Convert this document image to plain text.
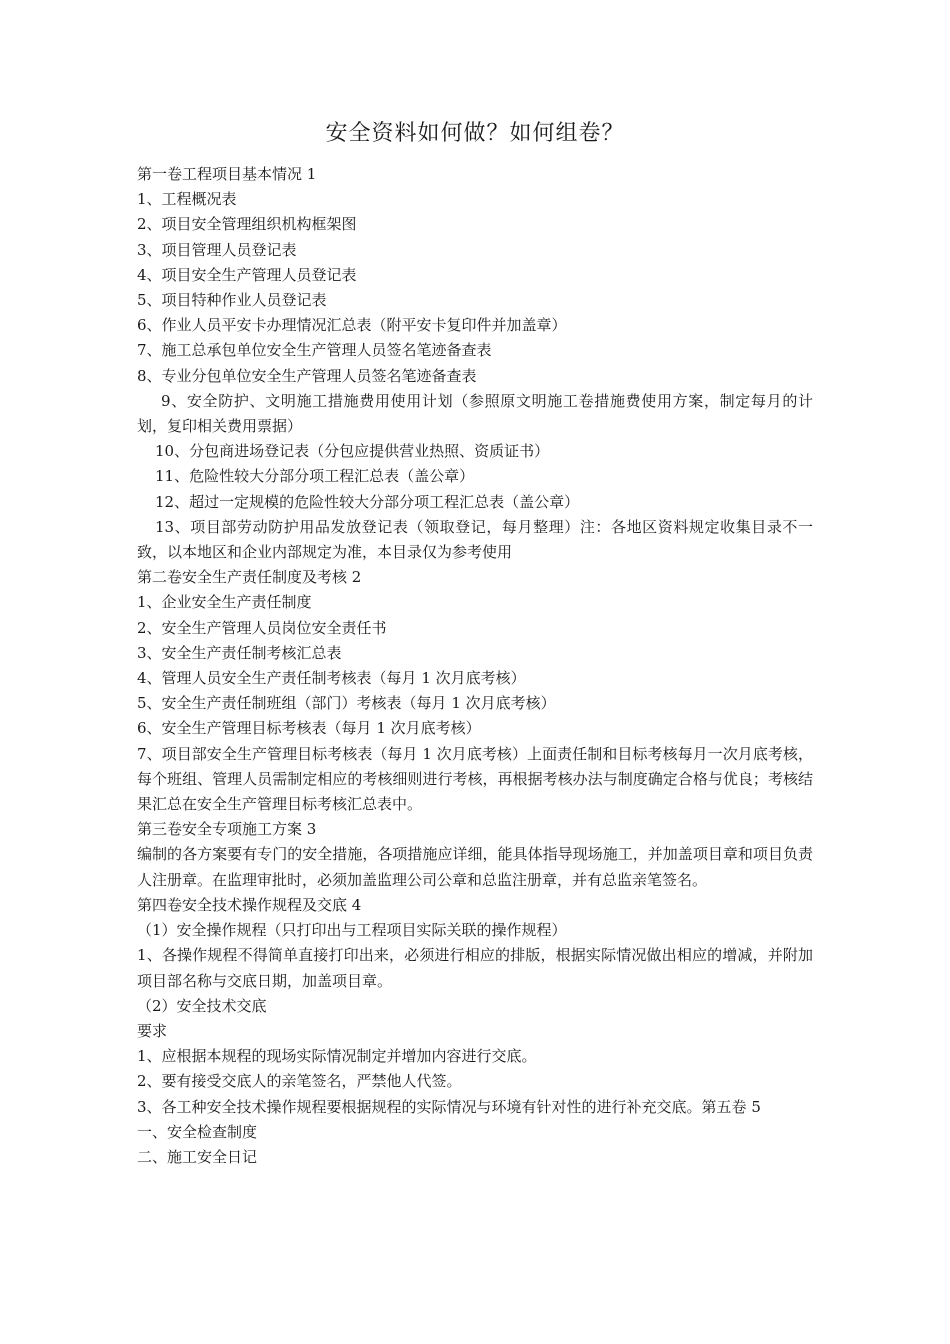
安全资料如何做？如何组卷？

第一卷工程项目基本情况 1

1、工程概况表

2、项目安全管理组织机构框架图

3、项目管理人员登记表

4、项目安全生产管理人员登记表

5、项目特种作业人员登记表

6、作业人员平安卡办理情况汇总表（附平安卡复印件并加盖章）

7、施工总承包单位安全生产管理人员签名笔迹备查表

8、专业分包单位安全生产管理人员签名笔迹备查表

9、安全防护、文明施工措施费用使用计划（参照原文明施工卷措施费使用方案，制定每月的计划，复印相关费用票据）

10、分包商进场登记表（分包应提供营业热照、资质证书）

11、危险性较大分部分项工程汇总表（盖公章）

12、超过一定规模的危险性较大分部分项工程汇总表（盖公章）

13、项目部劳动防护用品发放登记表（领取登记，每月整理）注：各地区资料规定收集目录不一致，以本地区和企业内部规定为准，本目录仅为参考使用

第二卷安全生产责任制度及考核 2

1、企业安全生产责任制度

2、安全生产管理人员岗位安全责任书

3、安全生产责任制考核汇总表

4、管理人员安全生产责任制考核表（每月 1 次月底考核）

5、安全生产责任制班组（部门）考核表（每月 1 次月底考核）

6、安全生产管理目标考核表（每月 1 次月底考核）

7、项目部安全生产管理目标考核表（每月 1 次月底考核）上面责任制和目标考核每月一次月底考核，每个班组、管理人员需制定相应的考核细则进行考核，再根据考核办法与制度确定合格与优良；考核结果汇总在安全生产管理目标考核汇总表中。

第三卷安全专项施工方案 3

编制的各方案要有专门的安全措施，各项措施应详细，能具体指导现场施工，并加盖项目章和项目负责人注册章。在监理审批时，必须加盖监理公司公章和总监注册章，并有总监亲笔签名。

第四卷安全技术操作规程及交底 4

（1）安全操作规程（只打印出与工程项目实际关联的操作规程）

1、各操作规程不得简单直接打印出来，必须进行相应的排版，根据实际情况做出相应的增减，并附加项目部名称与交底日期，加盖项目章。

（2）安全技术交底

要求

1、应根据本规程的现场实际情况制定并增加内容进行交底。

2、要有接受交底人的亲笔签名，严禁他人代签。

3、各工种安全技术操作规程要根据规程的实际情况与环境有针对性的进行补充交底。第五卷 5

一、安全检查制度

二、施工安全日记
